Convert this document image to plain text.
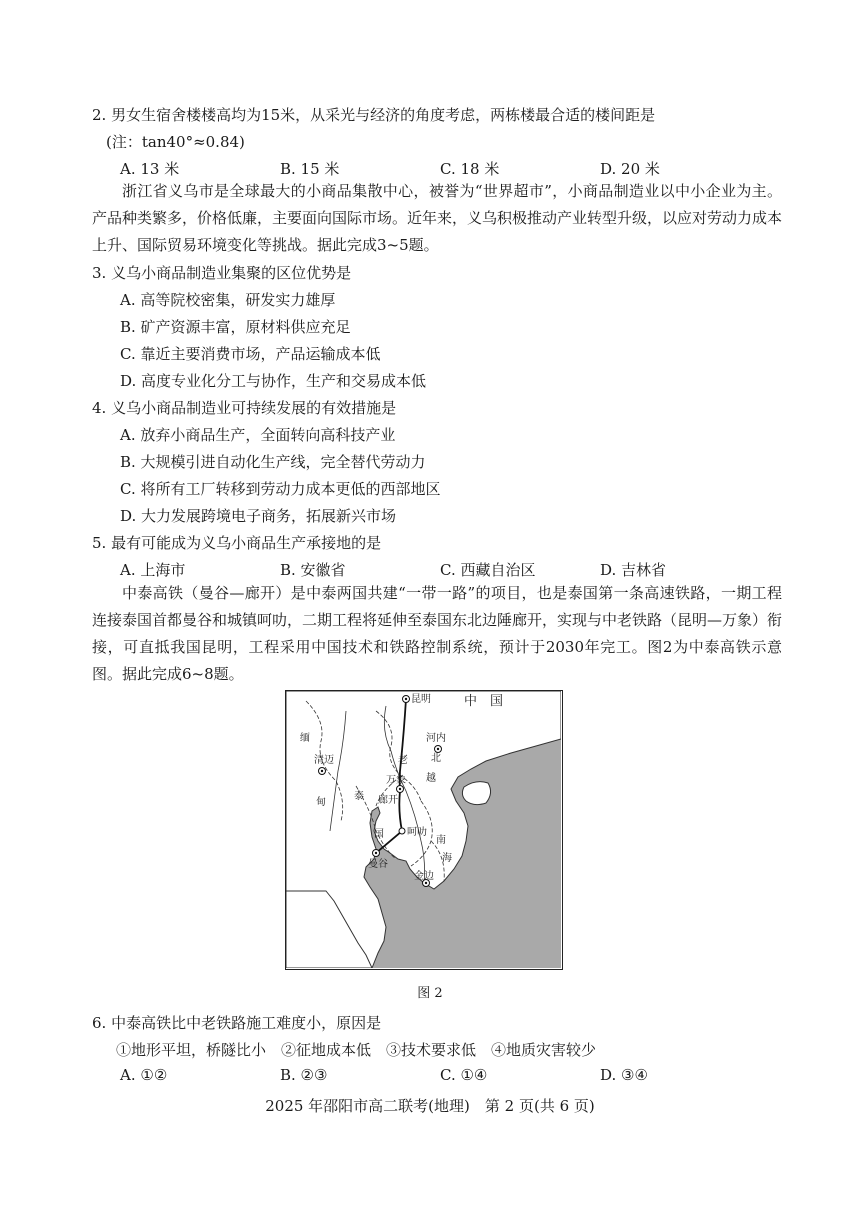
2. 男女生宿舍楼楼高均为15米，从采光与经济的角度考虑，两栋楼最合适的楼间距是
(注：tan40°≈0.84)
A. 13 米	B. 15 米	C. 18 米	D. 20 米

浙江省义乌市是全球最大的小商品集散中心，被誉为“世界超市”，小商品制造业以中小企业为主。产品种类繁多，价格低廉，主要面向国际市场。近年来，义乌积极推动产业转型升级，以应对劳动力成本上升、国际贸易环境变化等挑战。据此完成3~5题。

3. 义乌小商品制造业集聚的区位优势是
A. 高等院校密集，研发实力雄厚
B. 矿产资源丰富，原材料供应充足
C. 靠近主要消费市场，产品运输成本低
D. 高度专业化分工与协作，生产和交易成本低
4. 义乌小商品制造业可持续发展的有效措施是
A. 放弃小商品生产，全面转向高科技产业
B. 大规模引进自动化生产线，完全替代劳动力
C. 将所有工厂转移到劳动力成本更低的西部地区
D. 大力发展跨境电子商务，拓展新兴市场
5. 最有可能成为义乌小商品生产承接地的是
A. 上海市	B. 安徽省	C. 西藏自治区	D. 吉林省

中泰高铁（曼谷—廊开）是中泰两国共建“一带一路”的项目，也是泰国第一条高速铁路，一期工程连接泰国首都曼谷和城镇呵叻，二期工程将延伸至泰国东北边陲廊开，实现与中老铁路（昆明—万象）衔接，可直抵我国昆明，工程采用中国技术和铁路控制系统，预计于2030年完工。图2为中泰高铁示意图。据此完成6~8题。

昆明	中　国
缅
甸
清迈
河内
泰
国
老
万象
廊开
呵叻
曼谷
金边
越
南
北
海
图 2
6. 中泰高铁比中老铁路施工难度小，原因是
①地形平坦，桥隧比小　②征地成本低　③技术要求低　④地质灾害较少
A. ①②	B. ②③	C. ①④	D. ③④
2025 年邵阳市高二联考(地理)　第 2 页(共 6 页)
